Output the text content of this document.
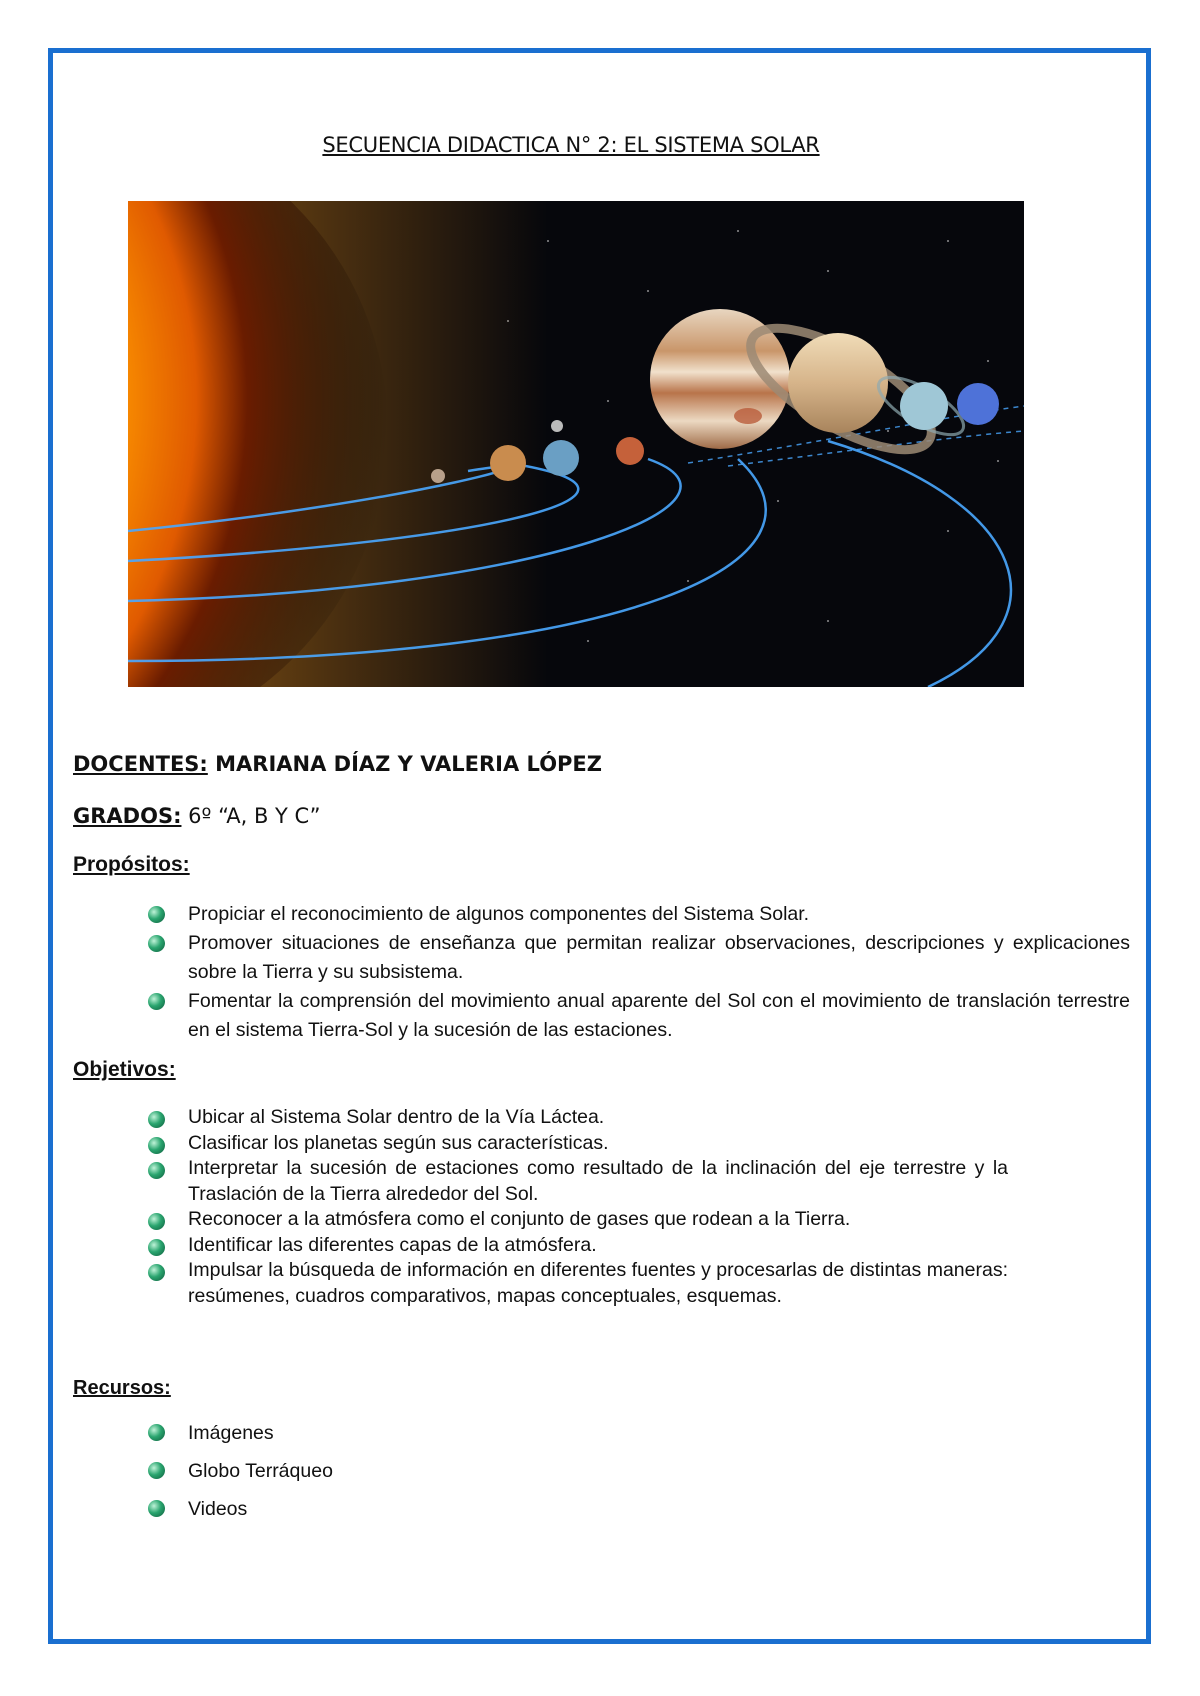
SECUENCIA DIDACTICA N° 2: EL SISTEMA SOLAR
DOCENTES: MARIANA DÍAZ Y VALERIA LÓPEZ
GRADOS: 6º “A, B Y C”
Propósitos:
Propiciar el reconocimiento de algunos componentes del Sistema Solar.
Promover situaciones de enseñanza que permitan realizar observaciones, descripciones y explicaciones sobre la Tierra y su subsistema.
Fomentar la comprensión del movimiento anual aparente del Sol con el movimiento de translación terrestre en el sistema Tierra-Sol y la sucesión de las estaciones.
Objetivos:
Ubicar al Sistema Solar dentro de la Vía Láctea.
Clasificar los planetas según sus características.
Interpretar la sucesión de estaciones como resultado de la inclinación del eje terrestre y la Traslación de la Tierra alrededor del Sol.
Reconocer a la atmósfera como el conjunto de gases que rodean a la Tierra.
Identificar las diferentes capas de la atmósfera.
Impulsar la búsqueda de información en diferentes fuentes y procesarlas de distintas maneras: resúmenes, cuadros comparativos, mapas conceptuales, esquemas.
Recursos:
Imágenes
Globo Terráqueo
Videos
